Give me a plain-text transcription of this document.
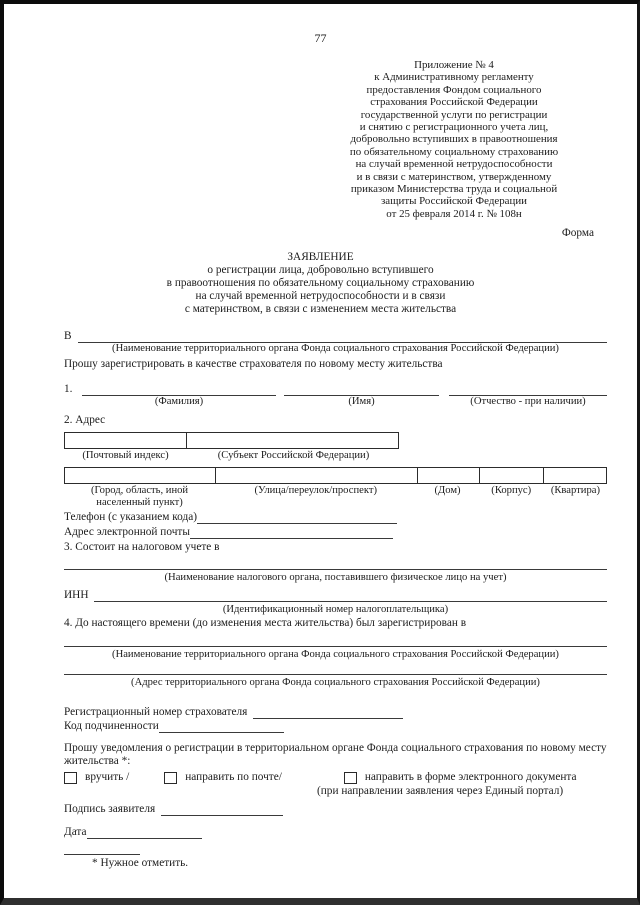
77
Приложение № 4
к Административному регламенту
предоставления Фондом социального
страхования Российской Федерации
государственной услуги по регистрации
и снятию с регистрационного учета лиц,
добровольно вступивших в правоотношения
по обязательному социальному страхованию
на случай временной нетрудоспособности
и в связи с материнством, утвержденному
приказом Министерства труда и социальной
защиты Российской Федерации
от 25 февраля 2014 г. № 108н
Форма
ЗАЯВЛЕНИЕ
о регистрации лица, добровольно вступившего
в правоотношения по обязательному социальному страхованию
на случай временной нетрудоспособности и в связи
с материнством, в связи с изменением места жительства
В
(Наименование территориального органа Фонда социального страхования Российской Федерации)
Прошу зарегистрировать в качестве страхователя по новому месту жительства
1.
(Фамилия)	(Имя)	(Отчество - при наличии)
2. Адрес
(Почтовый индекс)	(Субъект Российской Федерации)
(Город, область, иной населенный пункт)
(Улица/переулок/проспект)	(Дом)	(Корпус)	(Квартира)
Телефон (с указанием кода)
Адрес электронной почты
3. Состоит на налоговом учете в
(Наименование налогового органа, поставившего физическое лицо на учет)
ИНН
(Идентификационный номер налогоплательщика)
4. До настоящего времени (до изменения места жительства) был зарегистрирован в
(Наименование территориального органа Фонда социального страхования Российской Федерации)
(Адрес территориального органа Фонда социального страхования Российской Федерации)
Регистрационный номер страхователя
Код подчиненности
Прошу уведомления о регистрации в территориальном органе Фонда социального страхования по новому месту
жительства *:
вручить /	направить по почте/	направить в форме электронного документа
(при направлении заявления через Единый портал)
Подпись заявителя
Дата
* Нужное отметить.
